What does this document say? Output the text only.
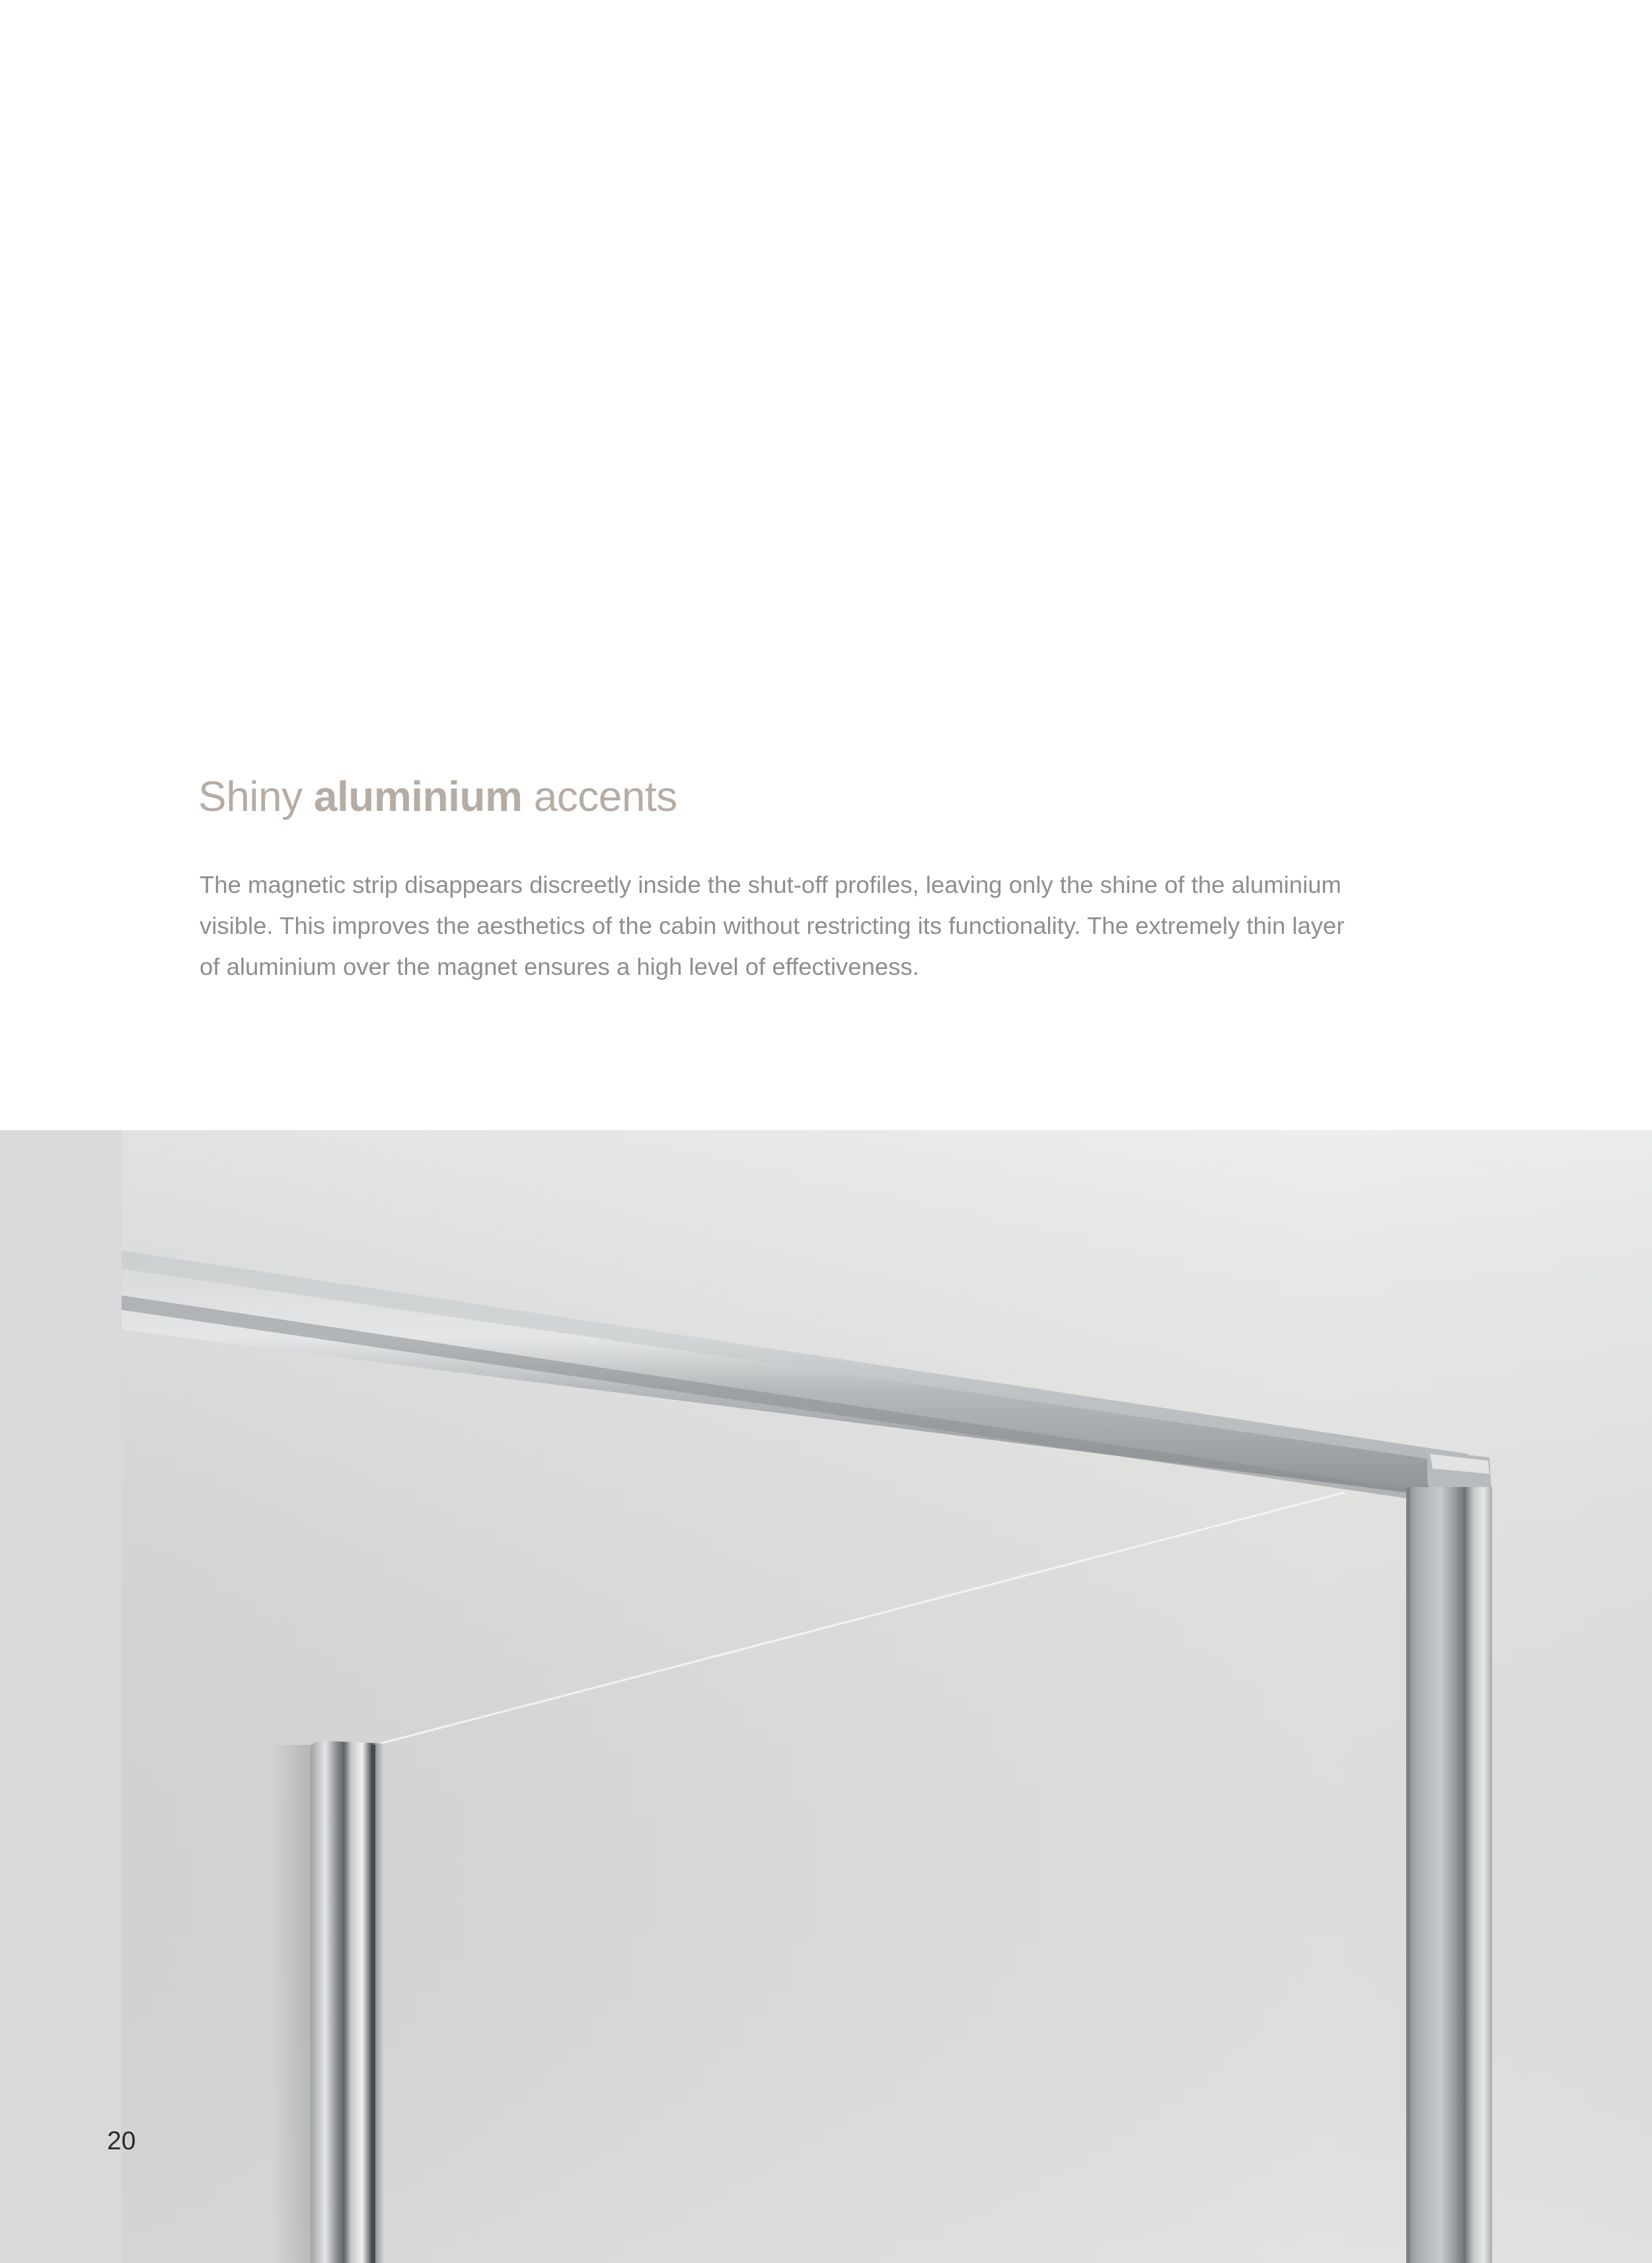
Shiny aluminium accents

The magnetic strip disappears discreetly inside the shut-off profiles, leaving only the shine of the aluminium
visible. This improves the aesthetics of the cabin without restricting its functionality. The extremely thin layer
of aluminium over the magnet ensures a high level of effectiveness.

20
